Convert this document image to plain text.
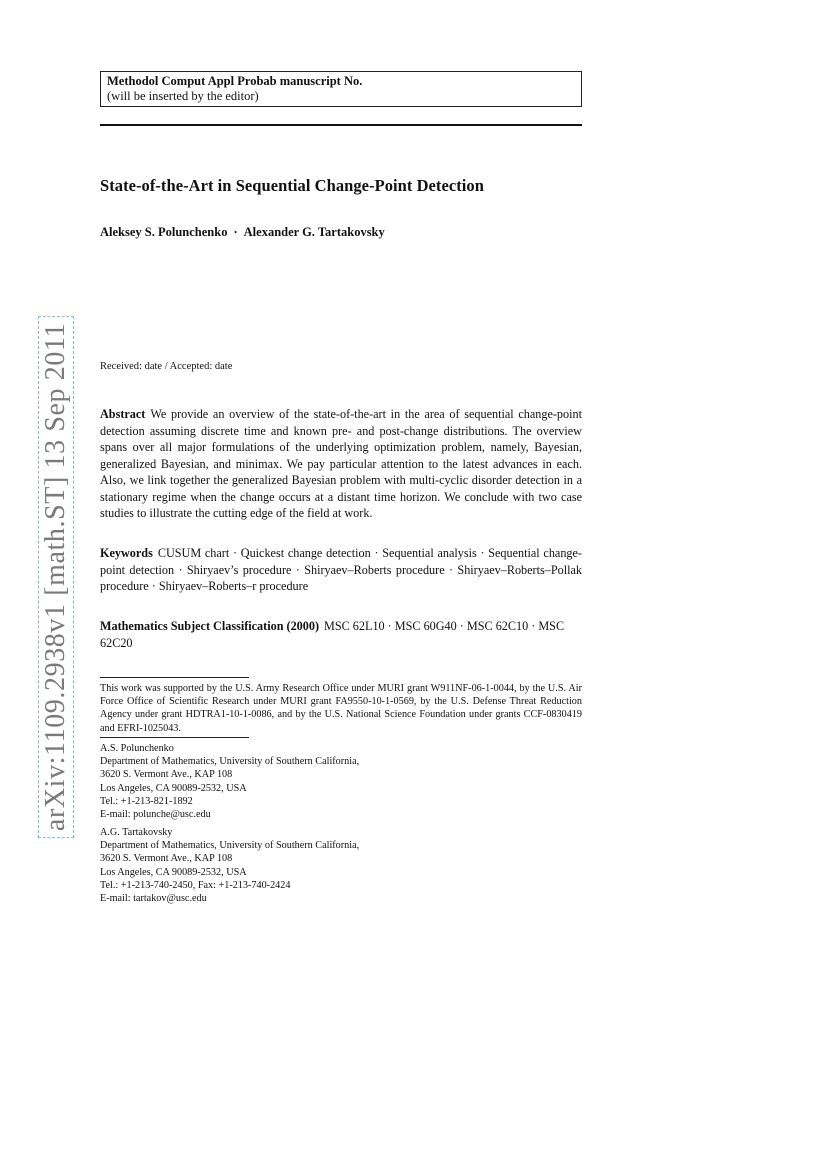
Methodol Comput Appl Probab manuscript No.
(will be inserted by the editor)
State-of-the-Art in Sequential Change-Point Detection
Aleksey S. Polunchenko · Alexander G. Tartakovsky
arXiv:1109.2938v1 [math.ST] 13 Sep 2011	Received: date / Accepted: date
Abstract We provide an overview of the state-of-the-art in the area of sequential change-point detection assuming discrete time and known pre- and post-change distributions. The overview spans over all major formulations of the underlying optimization problem, namely, Bayesian, generalized Bayesian, and minimax. We pay particular attention to the latest advances in each. Also, we link together the generalized Bayesian problem with multi-cyclic disorder detection in a stationary regime when the change occurs at a distant time horizon. We conclude with two case studies to illustrate the cutting edge of the field at work.
Keywords CUSUM chart · Quickest change detection · Sequential analysis · Sequential change-point detection · Shiryaev’s procedure · Shiryaev–Roberts procedure · Shiryaev–Roberts–Pollak procedure · Shiryaev–Roberts–r procedure
Mathematics Subject Classification (2000) MSC 62L10 · MSC 60G40 · MSC 62C10 · MSC 62C20
This work was supported by the U.S. Army Research Office under MURI grant W911NF-06-1-0044, by the U.S. Air Force Office of Scientific Research under MURI grant FA9550-10-1-0569, by the U.S. Defense Threat Reduction Agency under grant HDTRA1-10-1-0086, and by the U.S. National Science Foundation under grants CCF-0830419 and EFRI-1025043.
A.S. Polunchenko
Department of Mathematics, University of Southern California,
3620 S. Vermont Ave., KAP 108
Los Angeles, CA 90089-2532, USA
Tel.: +1-213-821-1892
E-mail: polunche@usc.edu
A.G. Tartakovsky
Department of Mathematics, University of Southern California,
3620 S. Vermont Ave., KAP 108
Los Angeles, CA 90089-2532, USA
Tel.: +1-213-740-2450, Fax: +1-213-740-2424
E-mail: tartakov@usc.edu
